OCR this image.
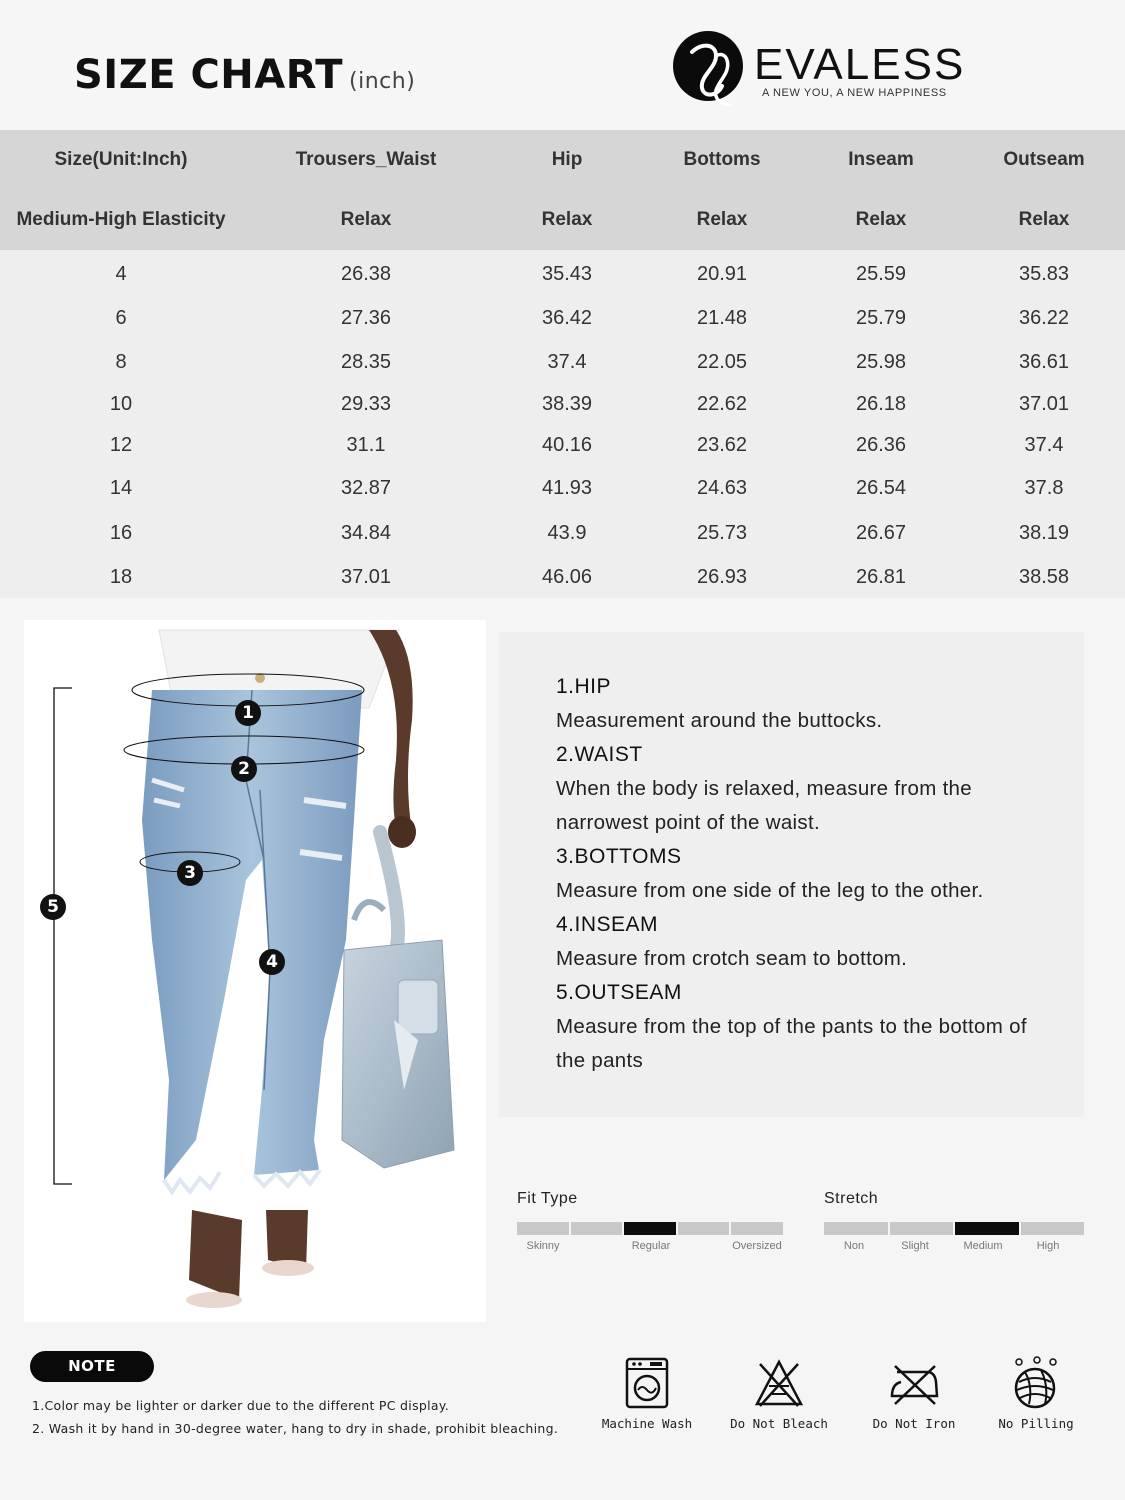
SIZE CHART (inch)	EVALESS
A NEW YOU, A NEW HAPPINESS
Size(Unit:Inch)	Trousers_Waist	Hip	Bottoms	Inseam	Outseam
Medium-High Elasticity	Relax	Relax	Relax	Relax	Relax
4	26.38	35.43	20.91	25.59	35.83
6	27.36	36.42	21.48	25.79	36.22
8	28.35	37.4	22.05	25.98	36.61
10	29.33	38.39	22.62	26.18	37.01
12	31.1	40.16	23.62	26.36	37.4
14	32.87	41.93	24.63	26.54	37.8
16	34.84	43.9	25.73	26.67	38.19
18	37.01	46.06	26.93	26.81	38.58
1
2
3
4
5
1.HIP
Measurement around the buttocks.
2.WAIST
When the body is relaxed, measure from the narrowest point of the waist.
3.BOTTOMS
Measure from one side of the leg to the other.
4.INSEAM
Measure from crotch seam to bottom.
5.OUTSEAM
Measure from the top of the pants to the bottom of the pants
Fit Type
Skinny	Regular	Oversized
Stretch
Non	Slight	Medium	High
NOTE
1.Color may be lighter or darker due to the different PC display.
2. Wash it by hand in 30-degree water, hang to dry in shade, prohibit bleaching.	Machine Wash	Do Not Bleach	Do Not Iron	No Pilling
